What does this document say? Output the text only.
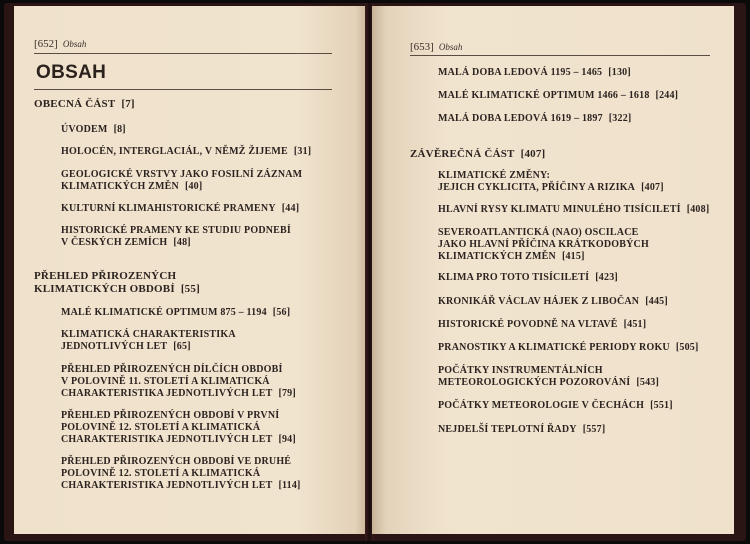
[652] Obsah
OBSAH
OBECNÁ ČÁST [7]
ÚVODEM [8]
HOLOCÉN, INTERGLACIÁL, V NĚMŽ ŽIJEME [31]
GEOLOGICKÉ VRSTVY JAKO FOSILNÍ ZÁZNAM
KLIMATICKÝCH ZMĚN [40]
KULTURNÍ KLIMAHISTORICKÉ PRAMENY [44]
HISTORICKÉ PRAMENY KE STUDIU PODNEBÍ
V ČESKÝCH ZEMÍCH [48]
PŘEHLED PŘIROZENÝCH
KLIMATICKÝCH OBDOBÍ [55]
MALÉ KLIMATICKÉ OPTIMUM 875 – 1194 [56]
KLIMATICKÁ CHARAKTERISTIKA
JEDNOTLIVÝCH LET [65]
PŘEHLED PŘIROZENÝCH DÍLČÍCH OBDOBÍ
V POLOVINĚ 11. STOLETÍ A KLIMATICKÁ
CHARAKTERISTIKA JEDNOTLIVÝCH LET [79]
PŘEHLED PŘIROZENÝCH OBDOBÍ V PRVNÍ
POLOVINĚ 12. STOLETÍ A KLIMATICKÁ
CHARAKTERISTIKA JEDNOTLIVÝCH LET [94]
PŘEHLED PŘIROZENÝCH OBDOBÍ VE DRUHÉ
POLOVINĚ 12. STOLETÍ A KLIMATICKÁ
CHARAKTERISTIKA JEDNOTLIVÝCH LET [114]
[653] Obsah
MALÁ DOBA LEDOVÁ 1195 – 1465 [130]
MALÉ KLIMATICKÉ OPTIMUM 1466 – 1618 [244]
MALÁ DOBA LEDOVÁ 1619 – 1897 [322]
ZÁVĚREČNÁ ČÁST [407]
KLIMATICKÉ ZMĚNY:
JEJICH CYKLICITA, PŘÍČINY A RIZIKA [407]
HLAVNÍ RYSY KLIMATU MINULÉHO TISÍCILETÍ [408]
SEVEROATLANTICKÁ (NAO) OSCILACE
JAKO HLAVNÍ PŘÍČINA KRÁTKODOBÝCH
KLIMATICKÝCH ZMĚN [415]
KLIMA PRO TOTO TISÍCILETÍ [423]
KRONIKÁŘ VÁCLAV HÁJEK Z LIBOČAN [445]
HISTORICKÉ POVODNĚ NA VLTAVĚ [451]
PRANOSTIKY A KLIMATICKÉ PERIODY ROKU [505]
POČÁTKY INSTRUMENTÁLNÍCH
METEOROLOGICKÝCH POZOROVÁNÍ [543]
POČÁTKY METEOROLOGIE V ČECHÁCH [551]
NEJDELŠÍ TEPLOTNÍ ŘADY [557]
